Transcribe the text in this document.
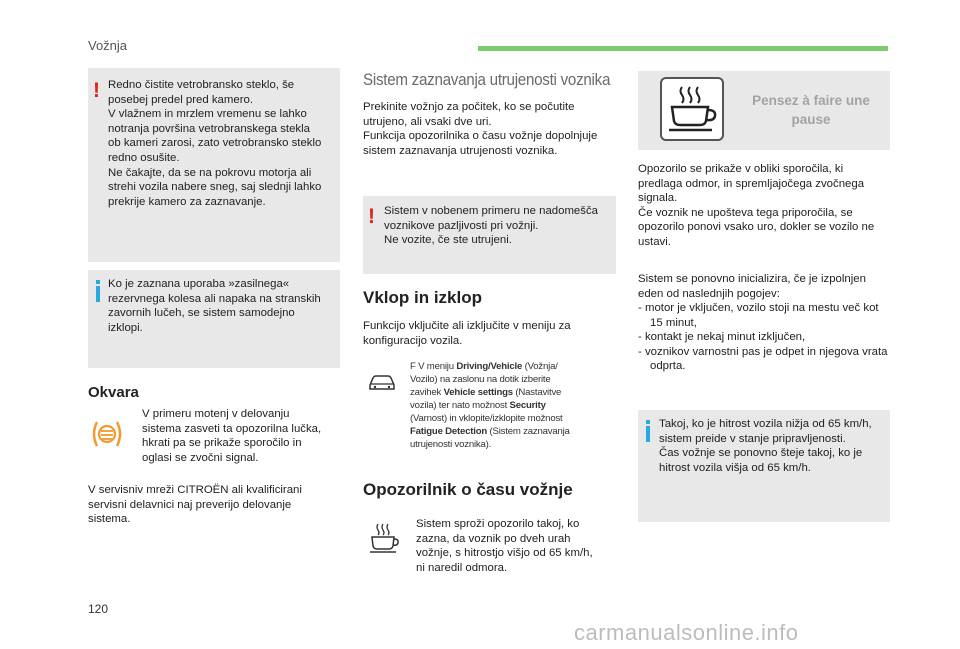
Vožnja
! Redno čistite vetrobransko steklo, še
posebej predel pred kamero.
V vlažnem in mrzlem vremenu se lahko
notranja površina vetrobranskega stekla
ob kameri zarosi, zato vetrobransko steklo
redno osušite.
Ne čakajte, da se na pokrovu motorja ali
strehi vozila nabere sneg, saj slednji lahko
prekrije kamero za zaznavanje.

Ko je zaznana uporaba »zasilnega«
rezervnega kolesa ali napaka na stranskih
zavornih lučeh, se sistem samodejno
izklopi.

Okvara

V primeru motenj v delovanju
sistema zasveti ta opozorilna lučka,
hkrati pa se prikaže sporočilo in
oglasi se zvočni signal.

V servisniv mreži CITROËN ali kvalificirani
servisni delavnici naj preverijo delovanje
sistema.

Sistem zaznavanja utrujenosti voznika

Prekinite vožnjo za počitek, ko se počutite
utrujeno, ali vsaki dve uri.
Funkcija opozorilnika o času vožnje dopolnjuje
sistem zaznavanja utrujenosti voznika.

! Sistem v nobenem primeru ne nadomešča
voznikove pazljivosti pri vožnji.
Ne vozite, če ste utrujeni.

Vklop in izklop

Funkcijo vključite ali izključite v meniju za
konfiguracijo vozila.

F V meniju Driving/Vehicle (Vožnja/
Vozilo) na zaslonu na dotik izberite
zavihek Vehicle settings (Nastavitve
vozila) ter nato možnost Security
(Varnost) in vklopite/izklopite možnost
Fatigue Detection (Sistem zaznavanja
utrujenosti voznika).
Opozorilnik o času vožnje

Sistem sproži opozorilo takoj, ko
zazna, da voznik po dveh urah
vožnje, s hitrostjo višjo od 65 km/h,
ni naredil odmora.

Pensez à faire une pause

Opozorilo se prikaže v obliki sporočila, ki
predlaga odmor, in spremljajočega zvočnega
signala.
Če voznik ne upošteva tega priporočila, se
opozorilo ponovi vsako uro, dokler se vozilo ne
ustavi.

Sistem se ponovno inicializira, če je izpolnjen
eden od naslednjih pogojev:

- motor je vključen, vozilo stoji na mestu več kot 15 minut,
- kontakt je nekaj minut izključen,
- voznikov varnostni pas je odpet in njegova vrata odprta.

Takoj, ko je hitrost vozila nižja od 65 km/h,
sistem preide v stanje pripravljenosti.
Čas vožnje se ponovno šteje takoj, ko je
hitrost vozila višja od 65 km/h.

120
carmanualsonline.info
